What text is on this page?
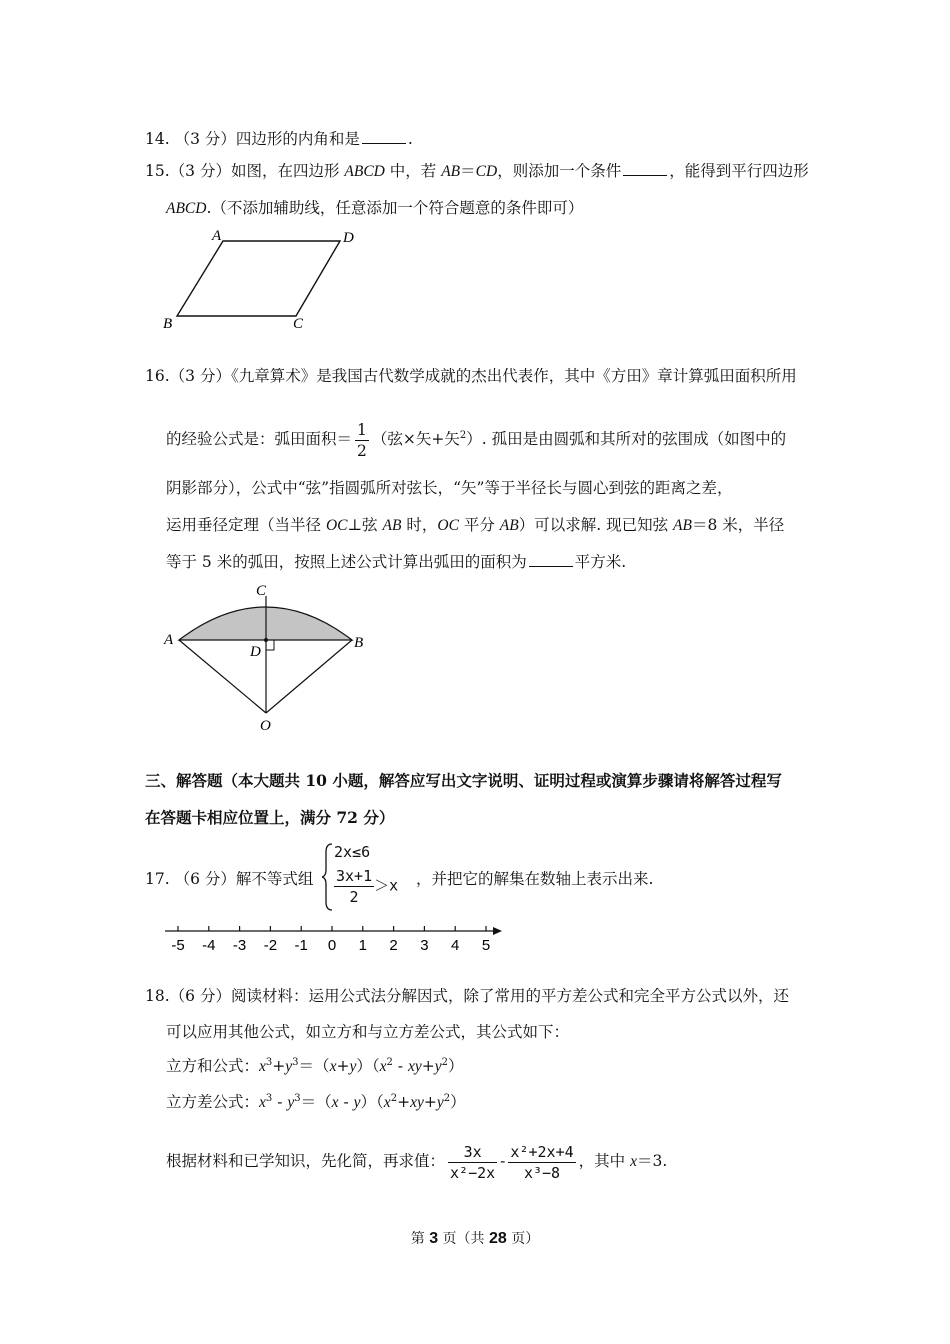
14. （3 分）四边形的内角和是	.
15.（3 分）如图，在四边形 ABCD 中，若 AB＝CD，则添加一个条件	，能得到平行四边形
ABCD.（不添加辅助线，任意添加一个符合题意的条件即可）
A	D
B	C
16.（3 分）《九章算术》是我国古代数学成就的杰出代表作，其中《方田》章计算弧田面积所用
的经验公式是：弧田面积＝ $\frac{1}{2}$ （弦×矢+矢$^2$）. 孤田是由圆弧和其所对的弦围成（如图中的
阴影部分），公式中“弦”指圆弧所对弦长，“矢”等于半径长与圆心到弦的距离之差，
运用垂径定理（当半径 OC⊥弦 AB 时，OC 平分 AB）可以求解. 现已知弦 AB＝8 米，半径
等于 5 米的弧田，按照上述公式计算出弧田的面积为	平方米.
C
A	B
D
O
三、解答题（本大题共 10 小题，解答应写出文字说明、证明过程或演算步骤请将解答过程写
在答题卡相应位置上，满分 72 分）
17. （6 分）解不等式组
2x≤6
$\frac{3x+1}{2} >x$ ，并把它的解集在数轴上表示出来.
-5 -4 -3 -2 -1 0 1 2 3 4 5
18.（6 分）阅读材料：运用公式法分解因式，除了常用的平方差公式和完全平方公式以外，还
可以应用其他公式，如立方和与立方差公式，其公式如下：
立方和公式：$x^3+y^3=(x+y)(x^2 - xy+y^2)$
立方差公式：$x^3 - y^3=(x - y)(x^2+xy+y^2)$
根据材料和已学知识，先化简，再求值： $\frac{3x}{\text{x²−2x}} - \frac{\text{x²+2x+4}}{\text{x³−8}}$ ，其中 x＝3.
第 3 页（共 28 页）
